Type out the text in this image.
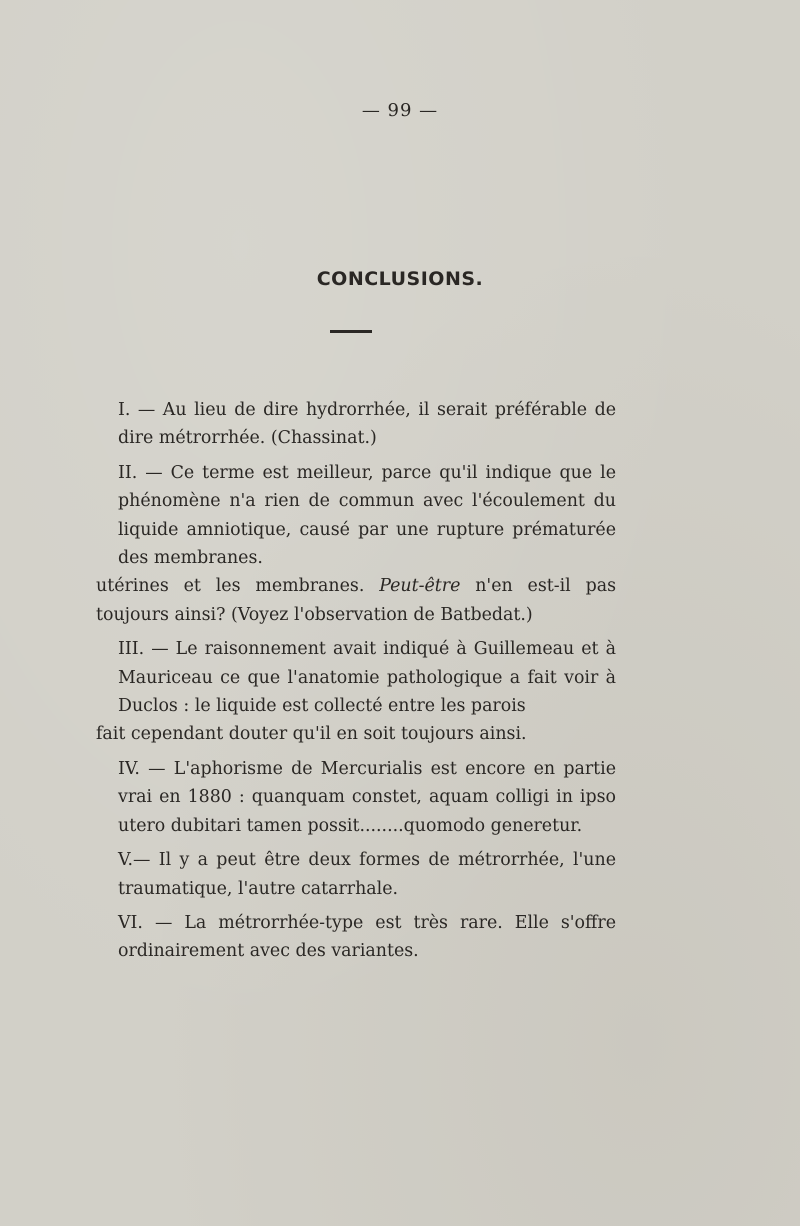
— 99 —
CONCLUSIONS.

I. — Au lieu de dire hydrorrhée, il serait préférable de dire métrorrhée. (Chassinat.)

II. — Ce terme est meilleur, parce qu'il indique que le phénomène n'a rien de commun avec l'écoulement du liquide amniotique, causé par une rupture prématurée des membranes.

utérines et les membranes. Peut-être n'en est-il pas toujours ainsi? (Voyez l'observation de Batbedat.)

III. — Le raisonnement avait indiqué à Guillemeau et à Mauriceau ce que l'anatomie pathologique a fait voir à Duclos : le liquide est collecté entre les parois

fait cependant douter qu'il en soit toujours ainsi.

IV. — L'aphorisme de Mercurialis est encore en partie vrai en 1880 : quanquam constet, aquam colligi in ipso utero dubitari tamen possit........quomodo generetur.

V.— Il y a peut être deux formes de métrorrhée, l'une traumatique, l'autre catarrhale.

VI. — La métrorrhée-type est très rare. Elle s'offre ordinairement avec des variantes.
